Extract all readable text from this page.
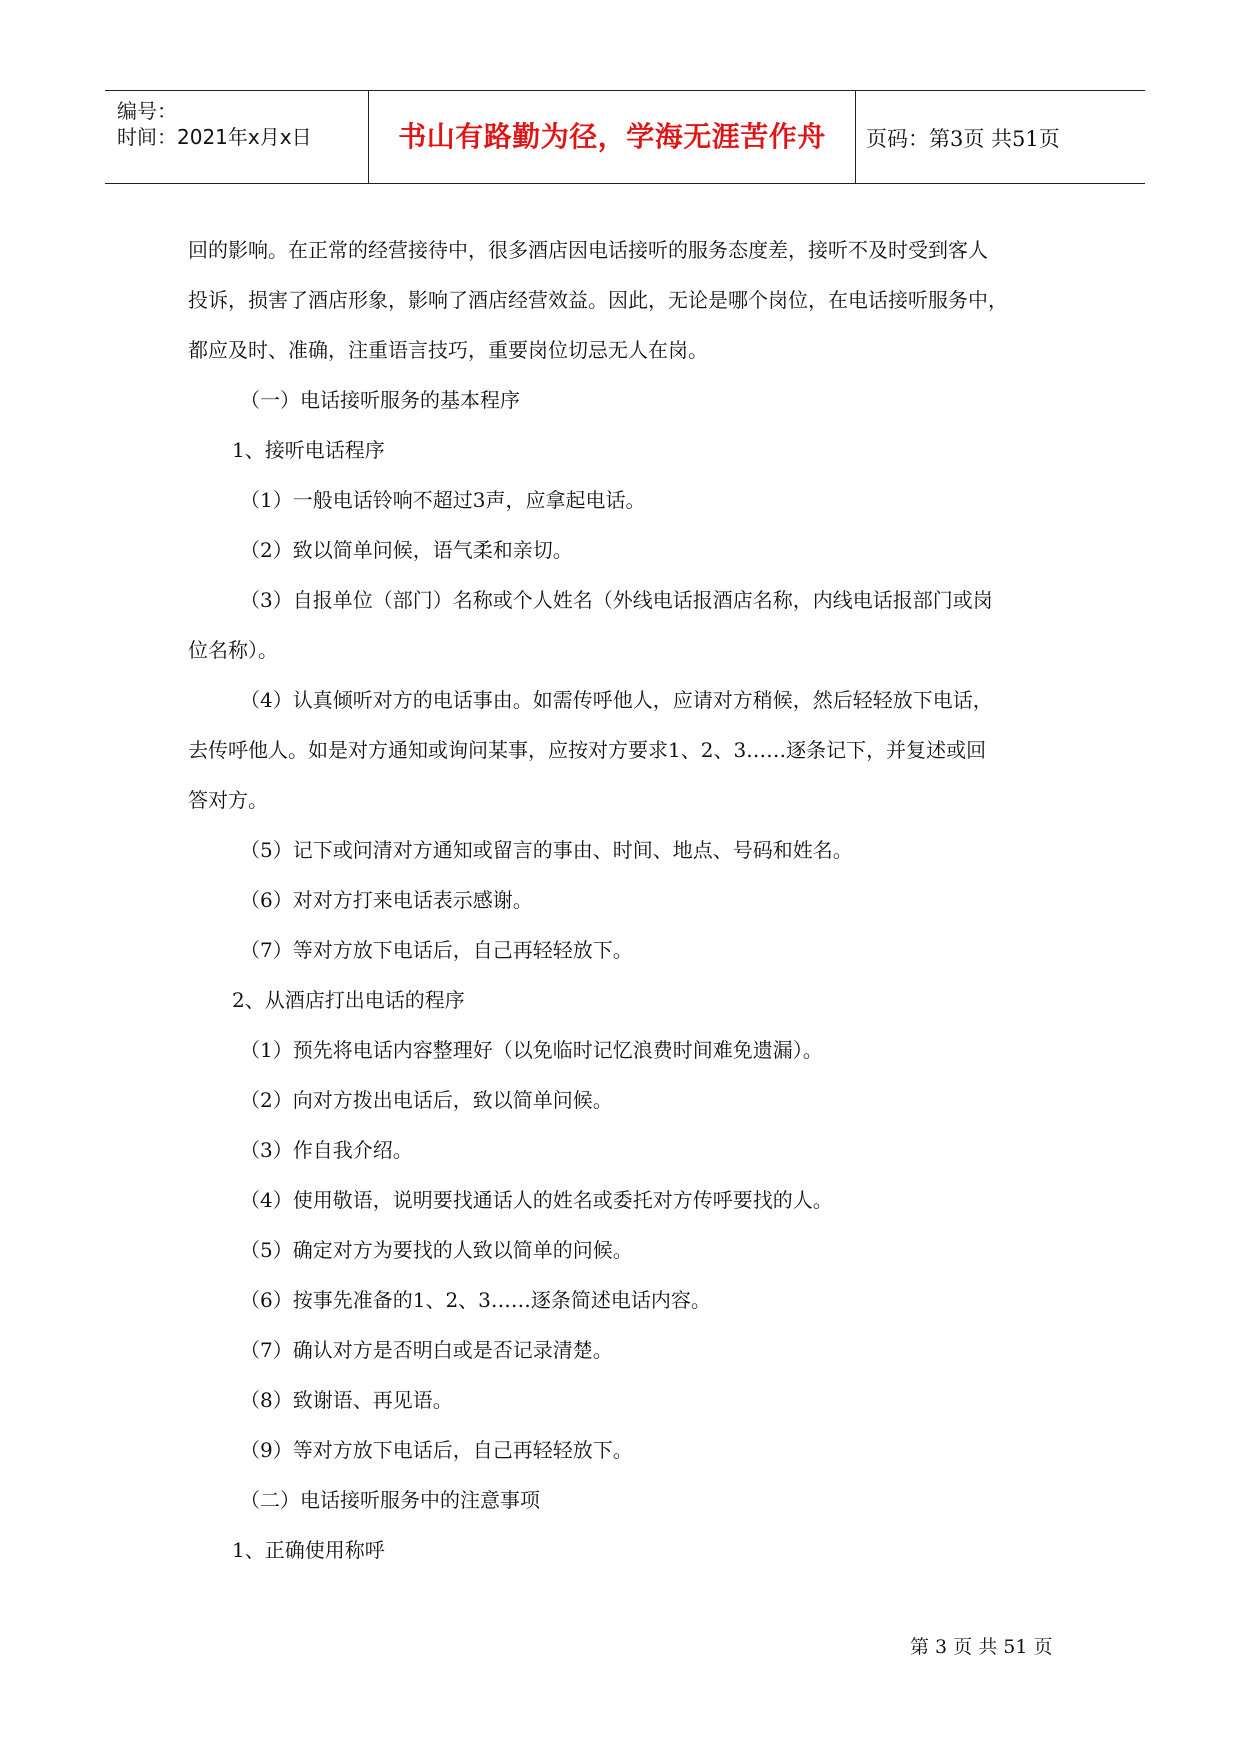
编号：
时间：2021年x月x日	书山有路勤为径，学海无涯苦作舟	页码：第3页 共51页

回的影响。在正常的经营接待中，很多酒店因电话接听的服务态度差，接听不及时受到客人

投诉，损害了酒店形象，影响了酒店经营效益。因此，无论是哪个岗位，在电话接听服务中，

都应及时、准确，注重语言技巧，重要岗位切忌无人在岗。

（一）电话接听服务的基本程序

1、接听电话程序

（1）一般电话铃响不超过3声，应拿起电话。

（2）致以简单问候，语气柔和亲切。

（3）自报单位（部门）名称或个人姓名（外线电话报酒店名称，内线电话报部门或岗

位名称）。

（4）认真倾听对方的电话事由。如需传呼他人，应请对方稍候，然后轻轻放下电话，

去传呼他人。如是对方通知或询问某事，应按对方要求1、2、3……逐条记下，并复述或回

答对方。

（5）记下或问清对方通知或留言的事由、时间、地点、号码和姓名。

（6）对对方打来电话表示感谢。

（7）等对方放下电话后，自己再轻轻放下。

2、从酒店打出电话的程序

（1）预先将电话内容整理好（以免临时记忆浪费时间难免遗漏）。

（2）向对方拨出电话后，致以简单问候。

（3）作自我介绍。

（4）使用敬语，说明要找通话人的姓名或委托对方传呼要找的人。

（5）确定对方为要找的人致以简单的问候。

（6）按事先准备的1、2、3……逐条简述电话内容。

（7）确认对方是否明白或是否记录清楚。

（8）致谢语、再见语。

（9）等对方放下电话后，自己再轻轻放下。

（二）电话接听服务中的注意事项

1、正确使用称呼

第 3 页 共 51 页
